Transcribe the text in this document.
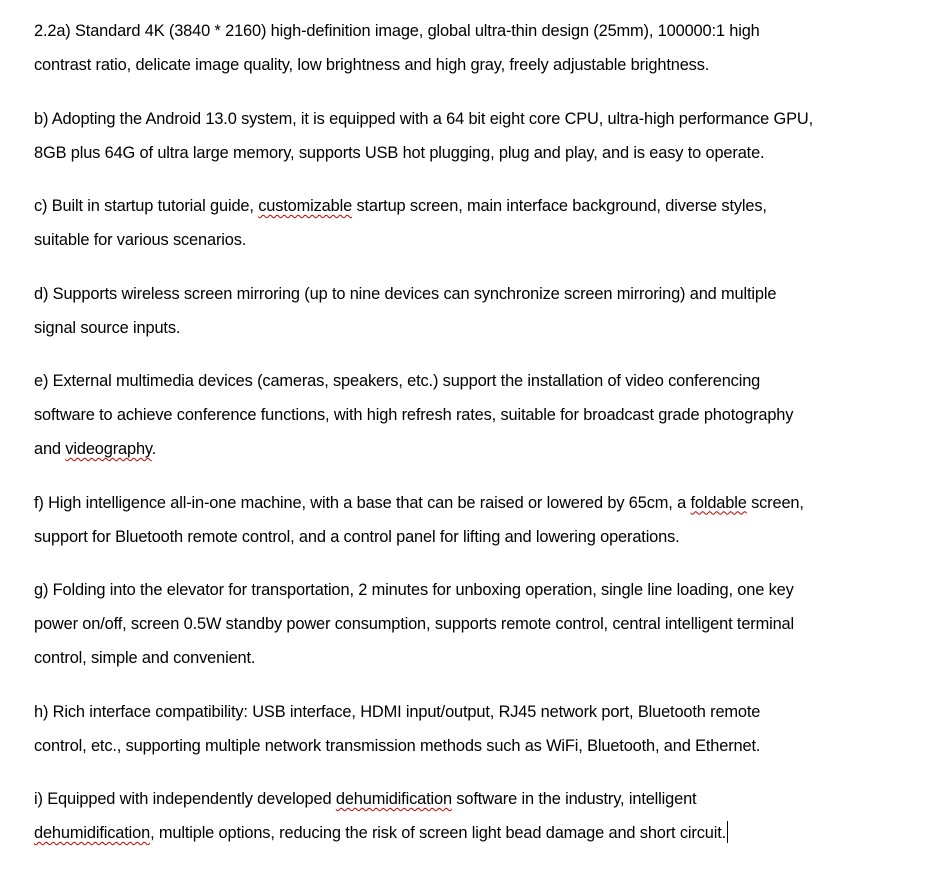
2.2a) Standard 4K (3840 * 2160) high-definition image, global ultra-thin design (25mm), 100000:1 high
contrast ratio, delicate image quality, low brightness and high gray, freely adjustable brightness.

b) Adopting the Android 13.0 system, it is equipped with a 64 bit eight core CPU, ultra-high performance GPU,
8GB plus 64G of ultra large memory, supports USB hot plugging, plug and play, and is easy to operate.

c) Built in startup tutorial guide, customizable startup screen, main interface background, diverse styles,
suitable for various scenarios.

d) Supports wireless screen mirroring (up to nine devices can synchronize screen mirroring) and multiple
signal source inputs.

e) External multimedia devices (cameras, speakers, etc.) support the installation of video conferencing
software to achieve conference functions, with high refresh rates, suitable for broadcast grade photography
and videography.

f) High intelligence all-in-one machine, with a base that can be raised or lowered by 65cm, a foldable screen,
support for Bluetooth remote control, and a control panel for lifting and lowering operations.

g) Folding into the elevator for transportation, 2 minutes for unboxing operation, single line loading, one key
power on/off, screen 0.5W standby power consumption, supports remote control, central intelligent terminal
control, simple and convenient.

h) Rich interface compatibility: USB interface, HDMI input/output, RJ45 network port, Bluetooth remote
control, etc., supporting multiple network transmission methods such as WiFi, Bluetooth, and Ethernet.

i) Equipped with independently developed dehumidification software in the industry, intelligent
dehumidification, multiple options, reducing the risk of screen light bead damage and short circuit.
